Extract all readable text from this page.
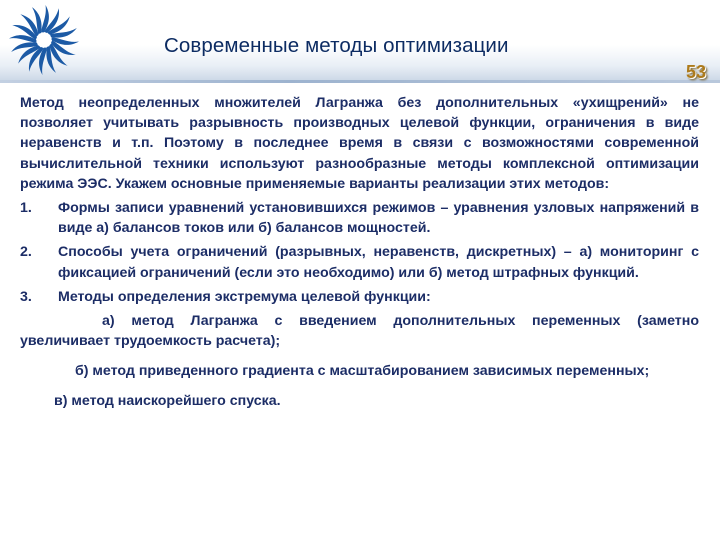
Современные методы оптимизации
53

Метод неопределенных множителей Лагранжа без дополнительных «ухищрений» не позволяет учитывать разрывность производных целевой функции, ограничения в виде неравенств и т.п. Поэтому в последнее время в связи с возможностями современной вычислительной техники используют разнообразные методы комплексной оптимизации режима ЭЭС. Укажем основные применяемые варианты реализации этих методов:

1. Формы записи уравнений установившихся режимов – уравнения узловых напряжений в виде а) балансов токов или б) балансов мощностей.
2. Способы учета ограничений (разрывных, неравенств, дискретных) – а) мониторинг с фиксацией ограничений (если это необходимо) или б) метод штрафных функций.
3. Методы определения экстремума целевой функции:

а) метод Лагранжа с введением дополнительных переменных (заметно увеличивает трудоемкость расчета);

б) метод приведенного градиента с масштабированием зависимых переменных;

в) метод наискорейшего спуска.
